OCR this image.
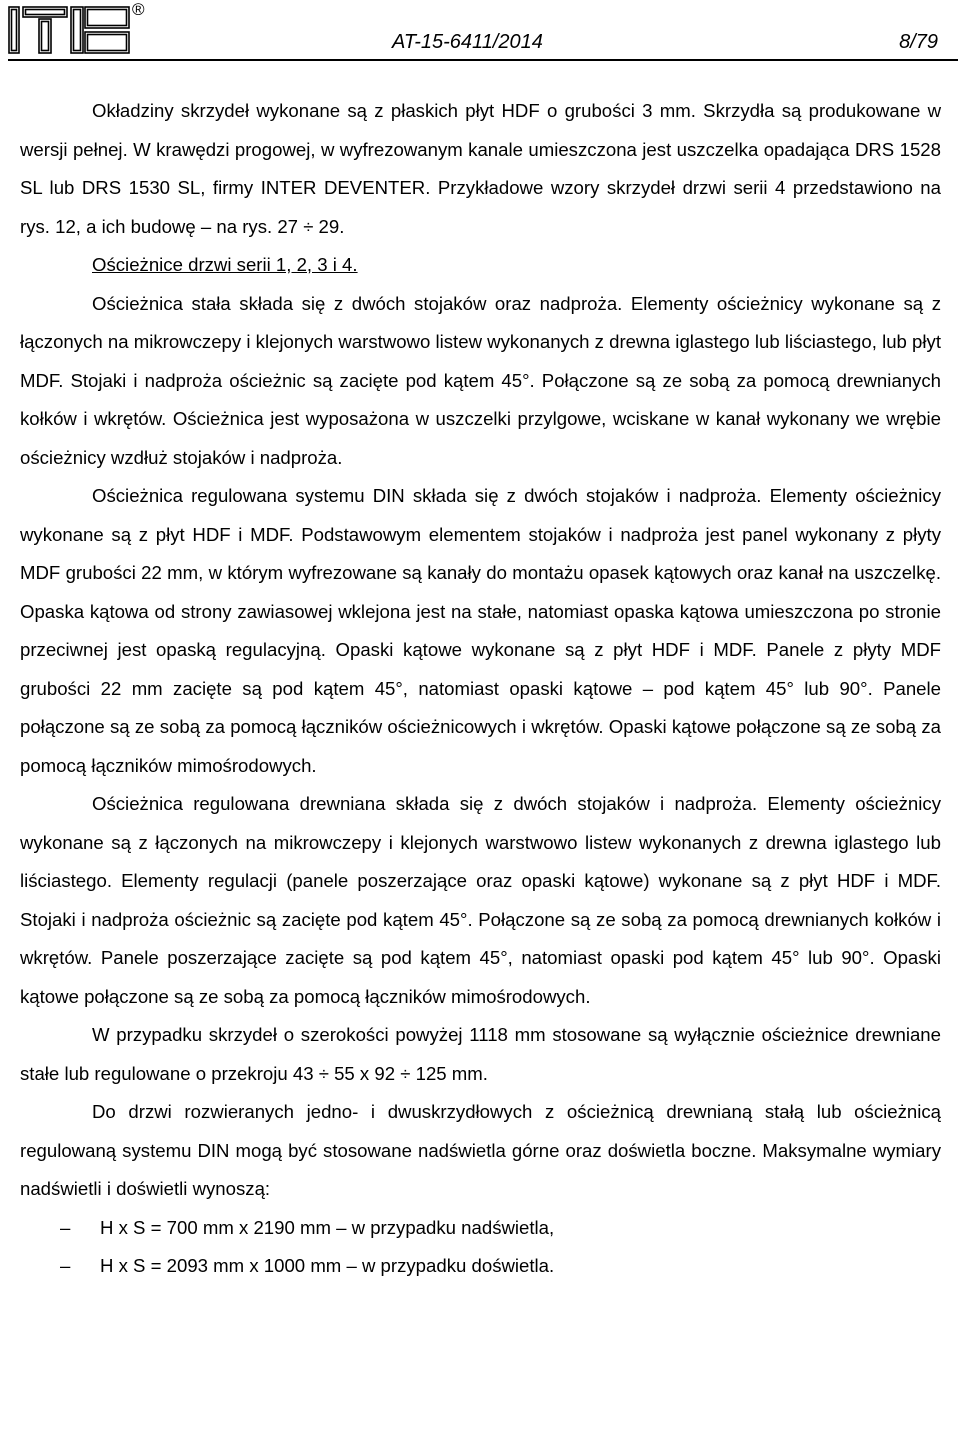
®
AT-15-6411/2014	8/79

Okładziny skrzydeł wykonane są z płaskich płyt HDF o grubości 3 mm. Skrzydła są produkowane w wersji pełnej. W krawędzi progowej, w wyfrezowanym kanale umieszczona jest uszczelka opadająca DRS 1528 SL lub DRS 1530 SL, firmy INTER DEVENTER. Przykładowe wzory skrzydeł drzwi serii 4 przedstawiono na rys. 12, a ich budowę – na rys. 27 ÷ 29.

Ościeżnice drzwi serii 1, 2, 3 i 4.

Ościeżnica stała składa się z dwóch stojaków oraz nadproża. Elementy ościeżnicy wykonane są z łączonych na mikrowczepy i klejonych warstwowo listew wykonanych z drewna iglastego lub liściastego, lub płyt MDF. Stojaki i nadproża ościeżnic są zacięte pod kątem 45°. Połączone są ze sobą za pomocą drewnianych kołków i wkrętów. Ościeżnica jest wyposażona w uszczelki przylgowe, wciskane w kanał wykonany we wrębie ościeżnicy wzdłuż stojaków i nadproża.

Ościeżnica regulowana systemu DIN składa się z dwóch stojaków i nadproża. Elementy ościeżnicy wykonane są z płyt HDF i MDF. Podstawowym elementem stojaków i nadproża jest panel wykonany z płyty MDF grubości 22 mm, w którym wyfrezowane są kanały do montażu opasek kątowych oraz kanał na uszczelkę. Opaska kątowa od strony zawiasowej wklejona jest na stałe, natomiast opaska kątowa umieszczona po stronie przeciwnej jest opaską regulacyjną. Opaski kątowe wykonane są z płyt HDF i MDF. Panele z płyty MDF grubości 22 mm zacięte są pod kątem 45°, natomiast opaski kątowe – pod kątem 45° lub 90°. Panele połączone są ze sobą za pomocą łączników ościeżnicowych i wkrętów. Opaski kątowe połączone są ze sobą za pomocą łączników mimośrodowych.

Ościeżnica regulowana drewniana składa się z dwóch stojaków i nadproża. Elementy ościeżnicy wykonane są z łączonych na mikrowczepy i klejonych warstwowo listew wykonanych z drewna iglastego lub liściastego. Elementy regulacji (panele poszerzające oraz opaski kątowe) wykonane są z płyt HDF i MDF. Stojaki i nadproża ościeżnic są zacięte pod kątem 45°. Połączone są ze sobą za pomocą drewnianych kołków i wkrętów. Panele poszerzające zacięte są pod kątem 45°, natomiast opaski pod kątem 45° lub 90°. Opaski kątowe połączone są ze sobą za pomocą łączników mimośrodowych.

W przypadku skrzydeł o szerokości powyżej 1118 mm stosowane są wyłącznie ościeżnice drewniane stałe lub regulowane o przekroju 43 ÷ 55 x 92 ÷ 125 mm.

Do drzwi rozwieranych jedno- i dwuskrzydłowych z ościeżnicą drewnianą stałą lub ościeżnicą regulowaną systemu DIN mogą być stosowane nadświetla górne oraz doświetla boczne. Maksymalne wymiary nadświetli i doświetli wynoszą:

– H x S = 700 mm x 2190 mm – w przypadku nadświetla,
– H x S = 2093 mm x 1000 mm – w przypadku doświetla.
